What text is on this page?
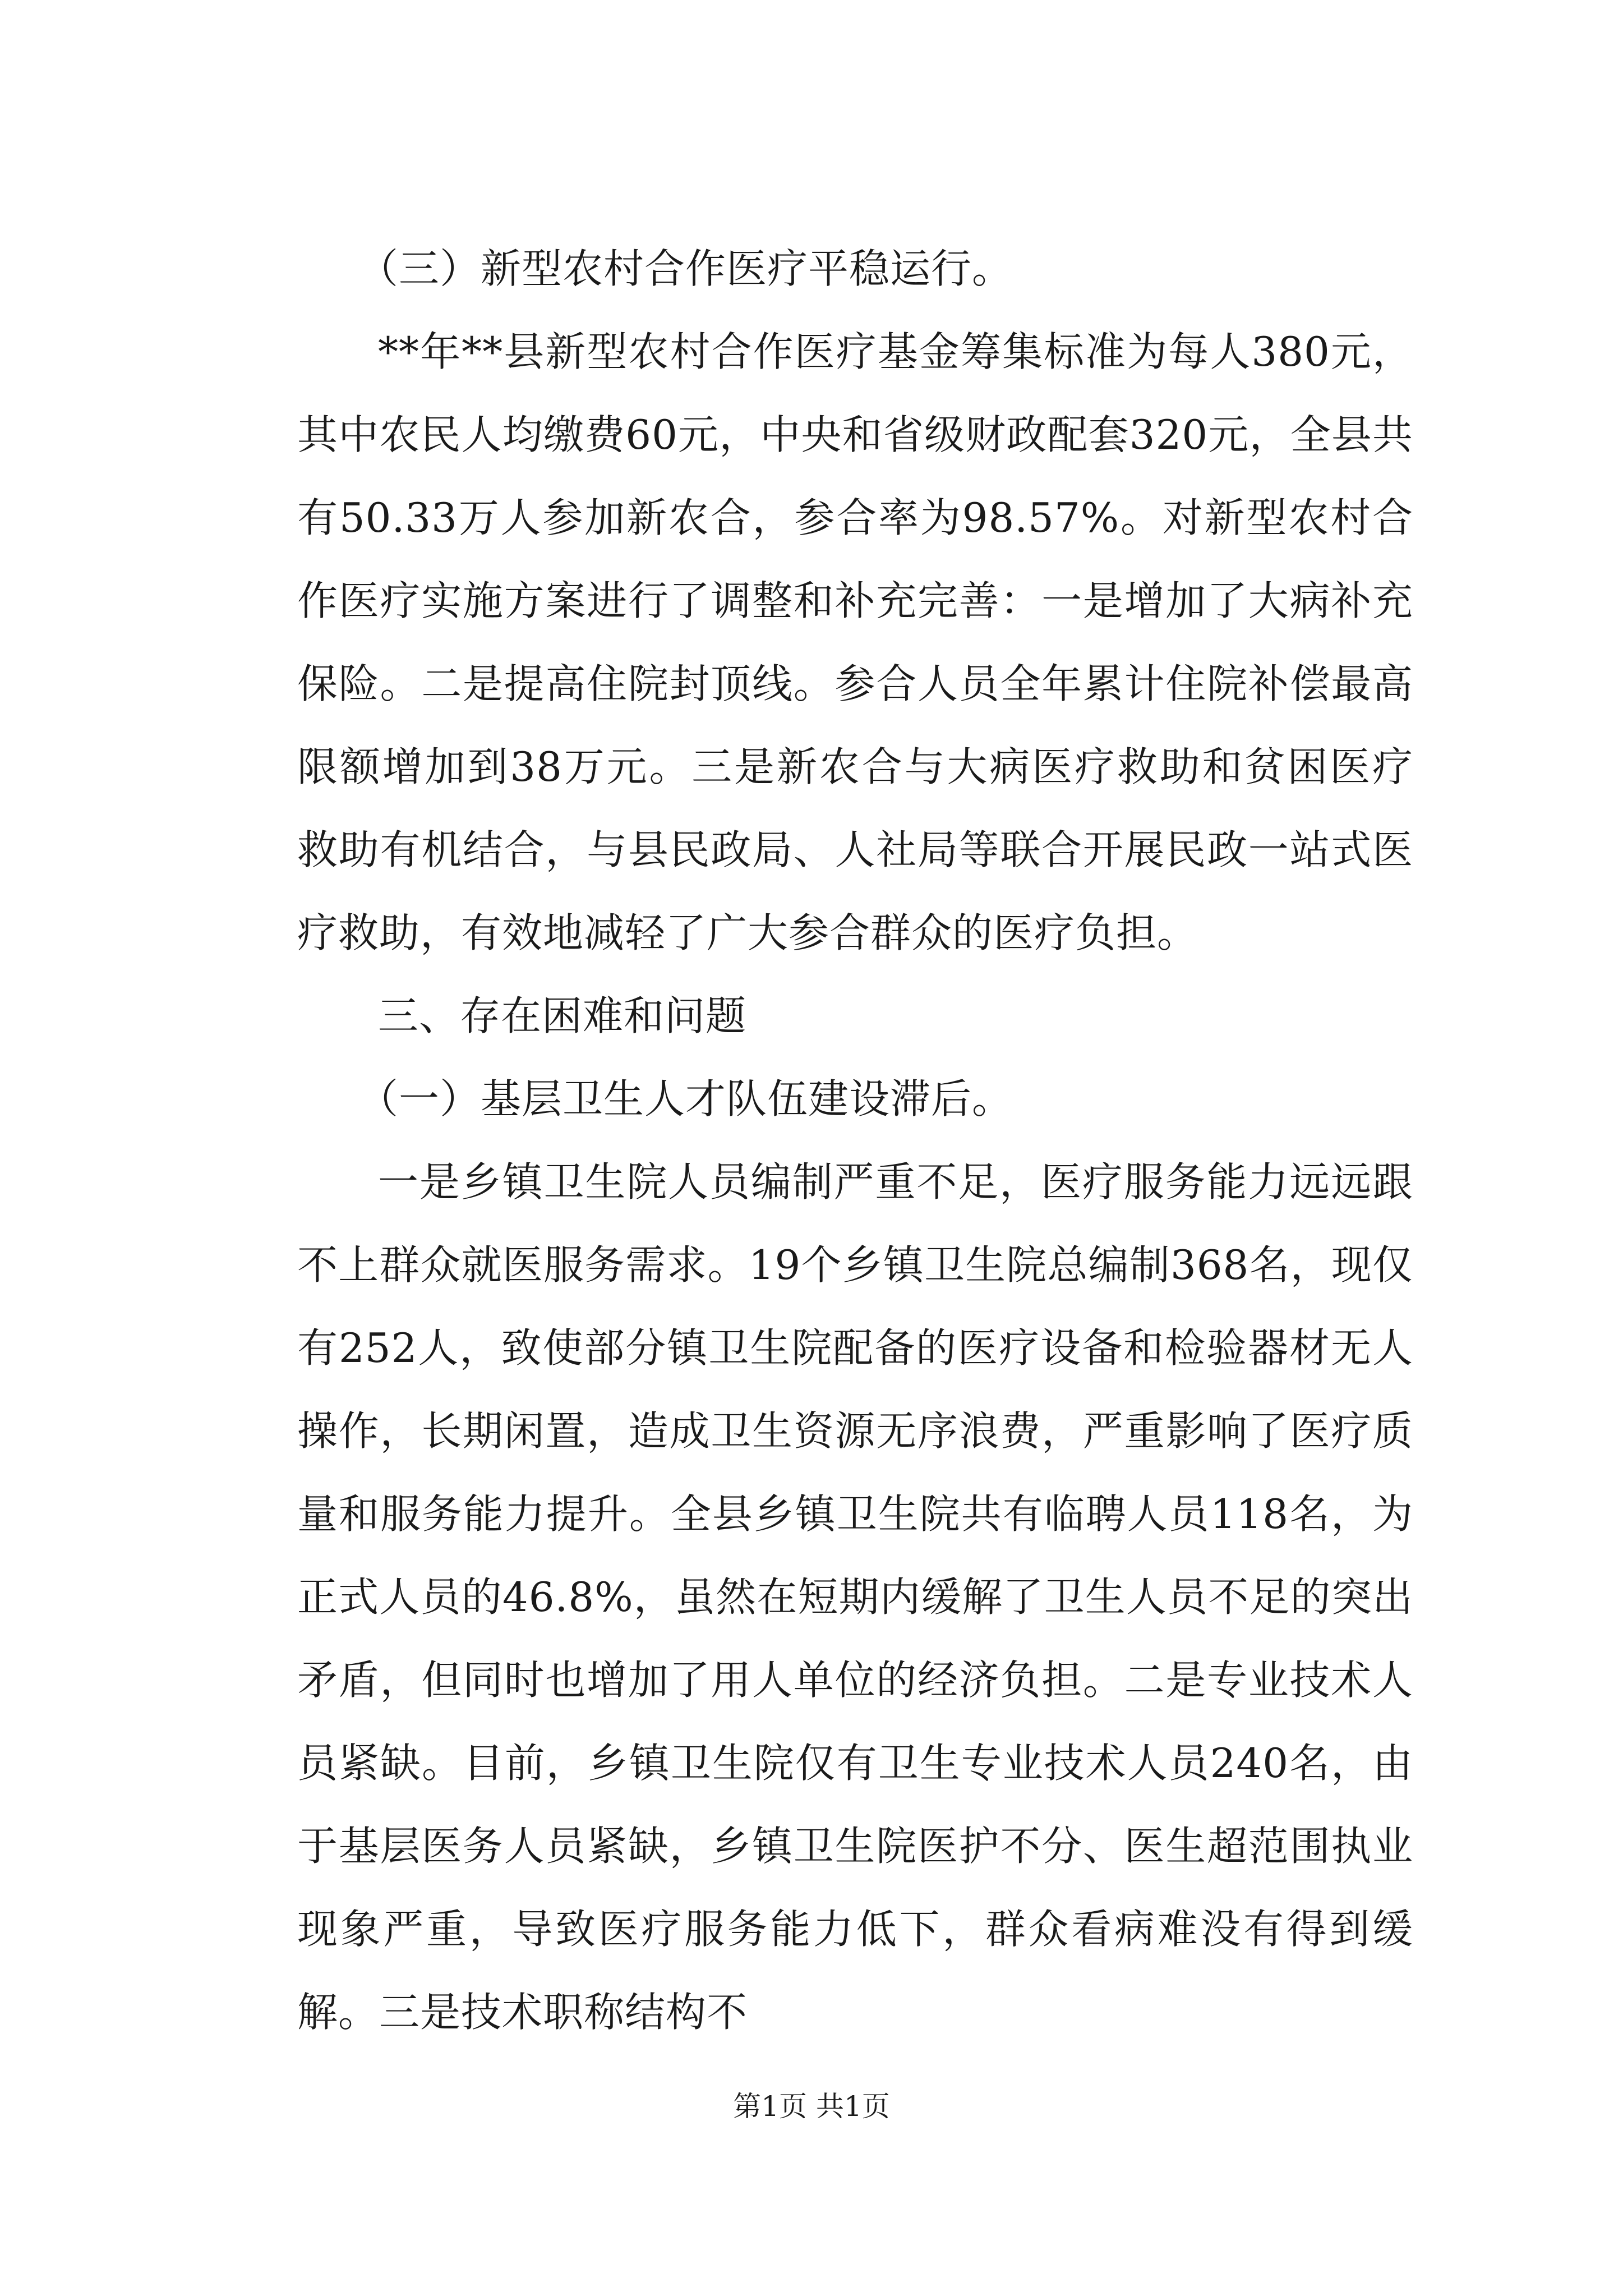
（三）新型农村合作医疗平稳运行。

**年**县新型农村合作医疗基金筹集标准为每人380元，其中农民人均缴费60元，中央和省级财政配套320元，全县共有50.33万人参加新农合，参合率为98.57%。对新型农村合作医疗实施方案进行了调整和补充完善：一是增加了大病补充保险。二是提高住院封顶线。参合人员全年累计住院补偿最高限额增加到38万元。三是新农合与大病医疗救助和贫困医疗救助有机结合，与县民政局、人社局等联合开展民政一站式医疗救助，有效地减轻了广大参合群众的医疗负担。

三、存在困难和问题

（一）基层卫生人才队伍建设滞后。

一是乡镇卫生院人员编制严重不足，医疗服务能力远远跟不上群众就医服务需求。19个乡镇卫生院总编制368名，现仅有252人，致使部分镇卫生院配备的医疗设备和检验器材无人操作，长期闲置，造成卫生资源无序浪费，严重影响了医疗质量和服务能力提升。全县乡镇卫生院共有临聘人员118名，为正式人员的46.8%，虽然在短期内缓解了卫生人员不足的突出矛盾，但同时也增加了用人单位的经济负担。二是专业技术人员紧缺。目前，乡镇卫生院仅有卫生专业技术人员240名，由于基层医务人员紧缺，乡镇卫生院医护不分、医生超范围执业现象严重，导致医疗服务能力低下，群众看病难没有得到缓解。三是技术职称结构不

第1页 共1页
